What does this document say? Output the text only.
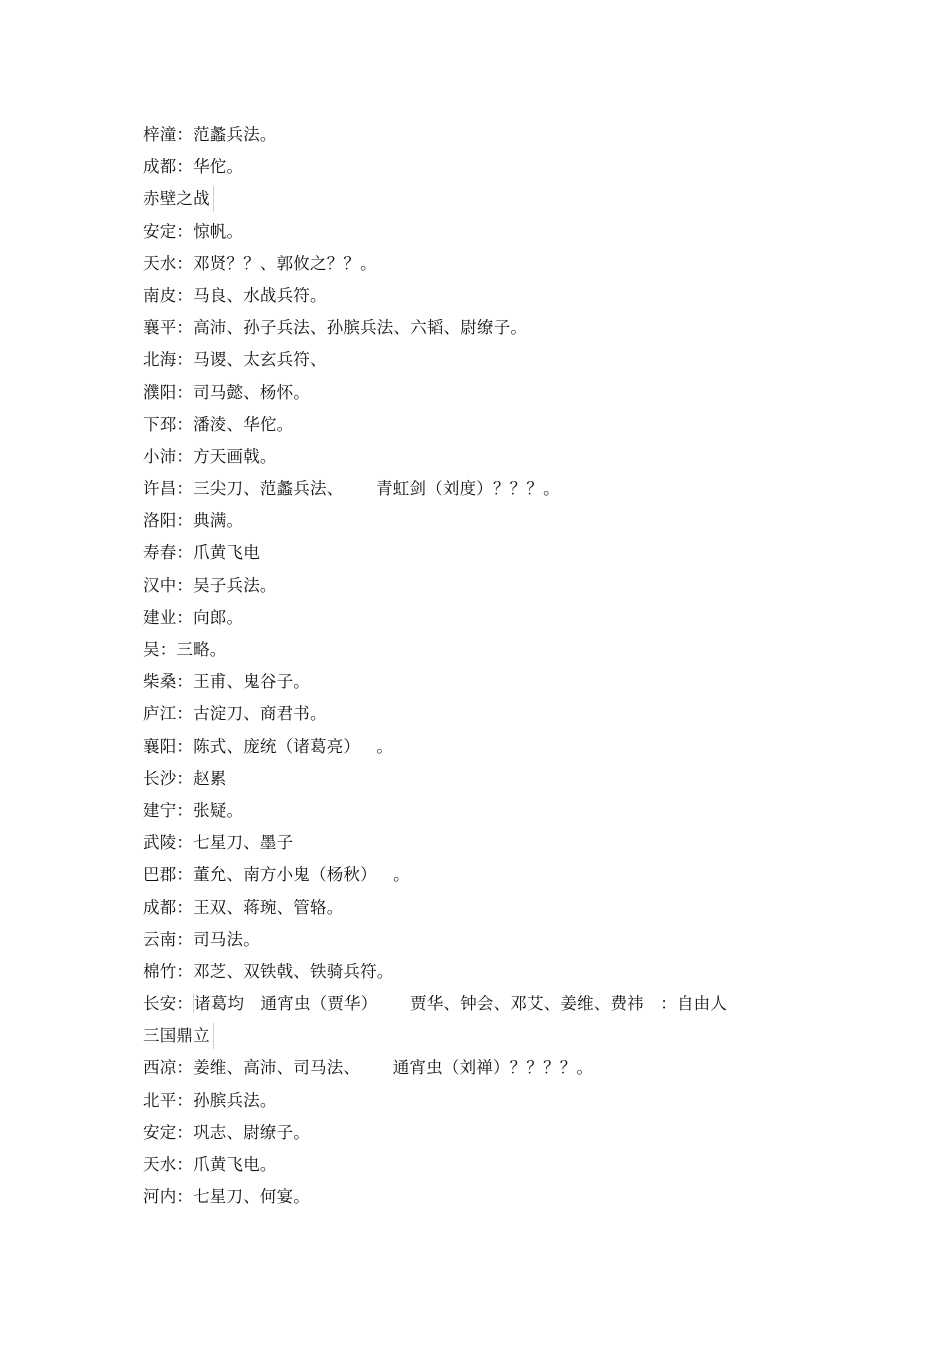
梓潼：范蠡兵法。
成都：华佗。
赤壁之战
安定：惊帆。
天水：邓贤？？、郭攸之？？。
南皮：马良、水战兵符。
襄平：高沛、孙子兵法、孙膑兵法、六韬、尉缭子。
北海：马谡、太玄兵符、
濮阳：司马懿、杨怀。
下邳：潘淩、华佗。
小沛：方天画戟。
许昌：三尖刀、范蠡兵法、      青虹剑（刘度）？？？。
洛阳：典满。
寿春：爪黄飞电
汉中：吴子兵法。
建业：向郎。
吴：三略。
柴桑：王甫、鬼谷子。
庐江：古淀刀、商君书。
襄阳：陈式、庞统（诸葛亮）   。
长沙：赵累
建宁：张疑。
武陵：七星刀、墨子
巴郡：董允、南方小鬼（杨秋）   。
成都：王双、蒋琬、管辂。
云南：司马法。
棉竹：邓芝、双铁戟、铁骑兵符。
长安：诸葛均   通宵虫（贾华）      贾华、钟会、邓艾、姜维、费祎   ：自由人
三国鼎立
西凉：姜维、高沛、司马法、      通宵虫（刘禅）？？？？。
北平：孙膑兵法。
安定：巩志、尉缭子。
天水：爪黄飞电。
河内：七星刀、何宴。
